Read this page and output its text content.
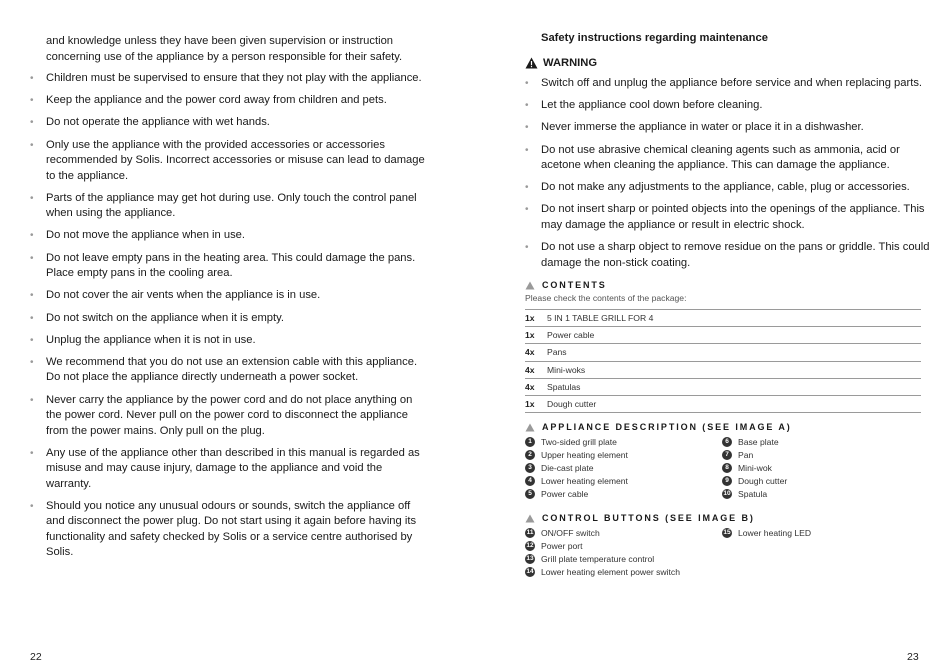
and knowledge unless they have been given supervision or instruction concerning use of the appliance by a person responsible for their safety.
• Children must be supervised to ensure that they not play with the appliance.
• Keep the appliance and the power cord away from children and pets.
• Do not operate the appliance with wet hands.
• Only use the appliance with the provided accessories or accessories recommended by Solis. Incorrect accessories or misuse can lead to damage to the appliance.
• Parts of the appliance may get hot during use. Only touch the control panel when using the appliance.
• Do not move the appliance when in use.
• Do not leave empty pans in the heating area. This could damage the pans. Place empty pans in the cooling area.
• Do not cover the air vents when the appliance is in use.
• Do not switch on the appliance when it is empty.
• Unplug the appliance when it is not in use.
• We recommend that you do not use an extension cable with this appliance. Do not place the appliance directly underneath a power socket.
• Never carry the appliance by the power cord and do not place anything on the power cord. Never pull on the power cord to disconnect the appliance from the power mains. Only pull on the plug.
• Any use of the appliance other than described in this manual is regarded as misuse and may cause injury, damage to the appliance and void the warranty.
• Should you notice any unusual odours or sounds, switch the appliance off and disconnect the power plug. Do not start using it again before having its functionality and safety checked by Solis or a service centre authorised by Solis.
22
Safety instructions regarding maintenance
WARNING
• Switch off and unplug the appliance before service and when replacing parts.
• Let the appliance cool down before cleaning.
• Never immerse the appliance in water or place it in a dishwasher.
• Do not use abrasive chemical cleaning agents such as ammonia, acid or acetone when cleaning the appliance. This can damage the appliance.
• Do not make any adjustments to the appliance, cable, plug or accessories.
• Do not insert sharp or pointed objects into the openings of the appliance. This may damage the appliance or result in electric shock.
• Do not use a sharp object to remove residue on the pans or griddle. This could damage the non-stick coating.
CONTENTS
Please check the contents of the package:
1x	5 IN 1 TABLE GRILL FOR 4
1x	Power cable
4x	Pans
4x	Mini-woks
4x	Spatulas
1x	Dough cutter
APPLIANCE DESCRIPTION (SEE IMAGE A)
1	Two-sided grill plate
2	Upper heating element
3	Die-cast plate
4	Lower heating element
5	Power cable
6	Base plate
7	Pan
8	Mini-wok
9	Dough cutter
10 Spatula
CONTROL BUTTONS (SEE IMAGE B)
11 ON/OFF switch
12 Power port
13 Grill plate temperature control
14 Lower heating element power switch
15 Lower heating LED
23
